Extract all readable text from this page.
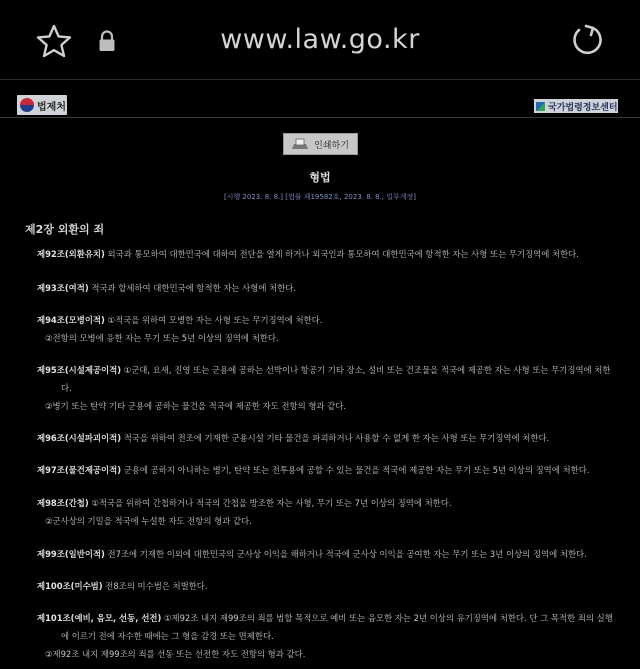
www.law.go.kr
법제처	국가법령정보센터
인쇄하기
형법
[시행 2023. 8. 8.] [법률 제19582호, 2023. 8. 8., 일부개정]
제2장 외환의 죄
제92조(외환유치) 외국과 통모하여 대한민국에 대하여 전단을 열게 하거나 외국인과 통모하여 대한민국에 항적한 자는 사형 또는 무기징역에 처한다.
제93조(여적) 적국과 합세하여 대한민국에 항적한 자는 사형에 처한다.
제94조(모병이적) ①적국을 위하여 모병한 자는 사형 또는 무기징역에 처한다.
②전항의 모병에 응한 자는 무기 또는 5년 이상의 징역에 처한다.
제95조(시설제공이적) ①군대, 요새, 진영 또는 군용에 공하는 선박이나 항공기 기타 장소, 설비 또는 건조물을 적국에 제공한 자는 사형 또는 무기징역에 처한
다.
②병기 또는 탄약 기타 군용에 공하는 물건을 적국에 제공한 자도 전항의 형과 같다.
제96조(시설파괴이적) 적국을 위하여 전조에 기재한 군용시설 기타 물건을 파괴하거나 사용할 수 없게 한 자는 사형 또는 무기징역에 처한다.
제97조(물건제공이적) 군용에 공하지 아니하는 병기, 탄약 또는 전투용에 공할 수 있는 물건을 적국에 제공한 자는 무기 또는 5년 이상의 징역에 처한다.
제98조(간첩) ①적국을 위하여 간첩하거나 적국의 간첩을 방조한 자는 사형, 무기 또는 7년 이상의 징역에 처한다.
②군사상의 기밀을 적국에 누설한 자도 전항의 형과 같다.
제99조(일반이적) 전7조에 기재한 이외에 대한민국의 군사상 이익을 해하거나 적국에 군사상 이익을 공여한 자는 무기 또는 3년 이상의 징역에 처한다.
제100조(미수범) 전8조의 미수범은 처벌한다.
제101조(예비, 음모, 선동, 선전) ①제92조 내지 제99조의 죄를 범할 목적으로 예비 또는 음모한 자는 2년 이상의 유기징역에 처한다. 단 그 목적한 죄의 실행
에 이르기 전에 자수한 때에는 그 형을 감경 또는 면제한다.
②제92조 내지 제99조의 죄를 선동 또는 선전한 자도 전항의 형과 같다.
